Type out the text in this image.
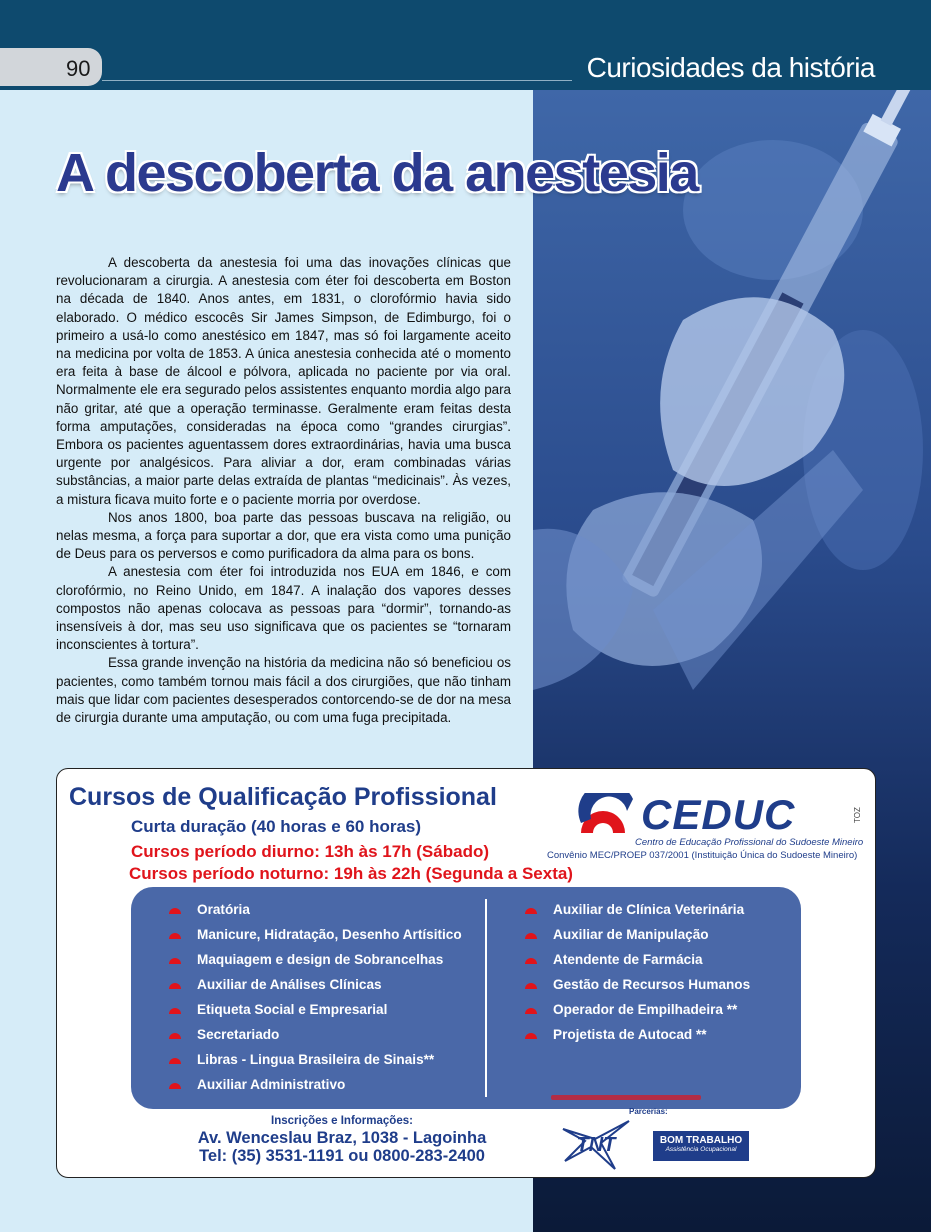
90	Curiosidades da história
A descoberta da anestesia

A descoberta da anestesia foi uma das inovações clínicas que revolucionaram a cirurgia. A anestesia com éter foi descoberta em Boston na década de 1840. Anos antes, em 1831, o clorofórmio havia sido elaborado. O médico escocês Sir James Simpson, de Edimburgo, foi o primeiro a usá-lo como anestésico em 1847, mas só foi largamente aceito na medicina por volta de 1853. A única anestesia conhecida até o momento era feita à base de álcool e pólvora, aplicada no paciente por via oral. Normalmente ele era segurado pelos assistentes enquanto mordia algo para não gritar, até que a operação terminasse. Geralmente eram feitas desta forma amputações, consideradas na época como “grandes cirurgias”. Embora os pacientes aguentassem dores extraordinárias, havia uma busca urgente por analgésicos. Para aliviar a dor, eram combinadas várias substâncias, a maior parte delas extraída de plantas “medicinais”. Às vezes, a mistura ficava muito forte e o paciente morria por overdose.

Nos anos 1800, boa parte das pessoas buscava na religião, ou nelas mesma, a força para suportar a dor, que era vista como uma punição de Deus para os perversos e como purificadora da alma para os bons.

A anestesia com éter foi introduzida nos EUA em 1846, e com clorofórmio, no Reino Unido, em 1847. A inalação dos vapores desses compostos não apenas colocava as pessoas para “dormir”, tornando-as insensíveis à dor, mas seu uso significava que os pacientes se “tornaram inconscientes à tortura”.

Essa grande invenção na história da medicina não só beneficiou os pacientes, como também tornou mais fácil a dos cirurgiões, que não tinham mais que lidar com pacientes desesperados contorcendo-se de dor na mesa de cirurgia durante uma amputação, ou com uma fuga precipitada.

Cursos de Qualificação Profissional
Curta duração (40 horas e 60 horas)
Cursos período diurno: 13h às 17h (Sábado)
Cursos período noturno: 19h às 22h (Segunda a Sexta)
CEDUC
Centro de Educação Profissional do Sudoeste Mineiro
Convênio MEC/PROEP 037/2001 (Instituição Única do Sudoeste Mineiro)
TOZ
Oratória
Manicure, Hidratação, Desenho Artísitico
Maquiagem e design de Sobrancelhas
Auxiliar de Análises Clínicas
Etiqueta Social e Empresarial
Secretariado
Libras - Lingua Brasileira de Sinais**
Auxiliar Administrativo
Auxiliar de Clínica Veterinária
Auxiliar de Manipulação
Atendente de Farmácia
Gestão de Recursos Humanos
Operador de Empilhadeira **
Projetista de Autocad **
Parcerias:
Inscrições e Informações:
Av. Wenceslau Braz, 1038 - Lagoinha
Tel: (35) 3531-1191 ou 0800-283-2400	TNT	BOM TRABALHO
Assistência Ocupacional
